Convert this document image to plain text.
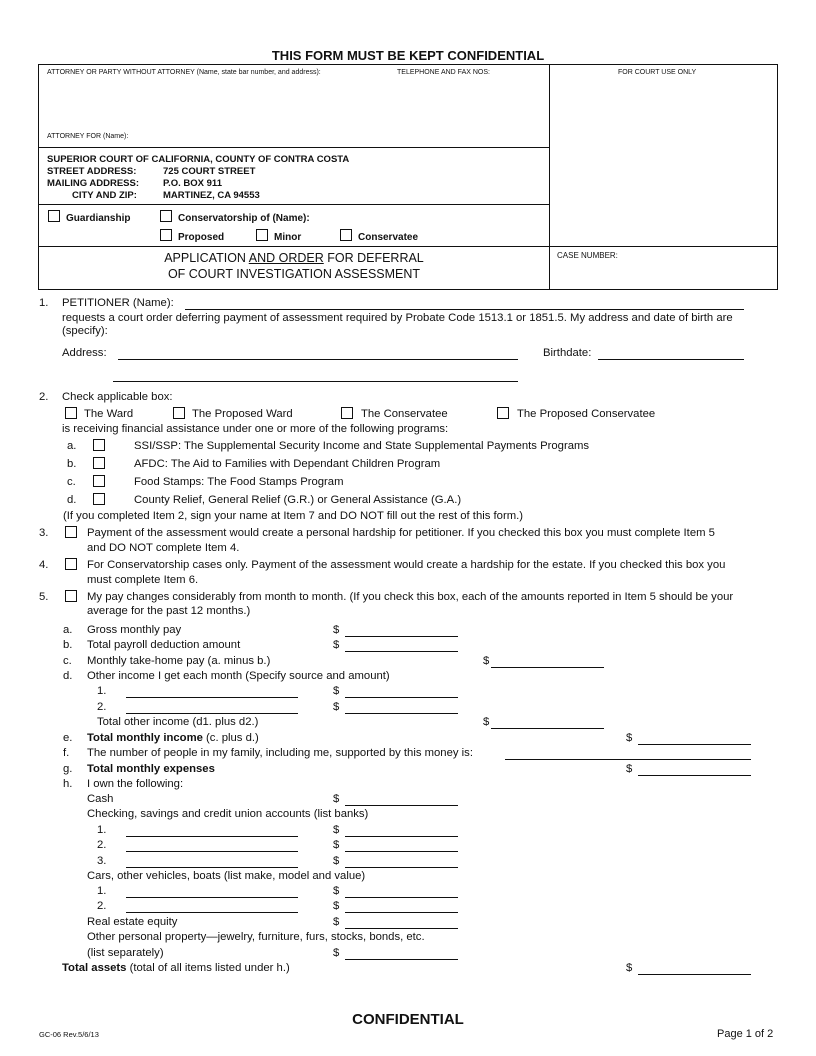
THIS FORM MUST BE KEPT CONFIDENTIAL
ATTORNEY OR PARTY WITHOUT ATTORNEY (Name, state bar number, and address):	TELEPHONE AND FAX NOS:	FOR COURT USE ONLY
ATTORNEY FOR (Name):
SUPERIOR COURT OF CALIFORNIA, COUNTY OF CONTRA COSTA
STREET ADDRESS:	725 COURT STREET
MAILING ADDRESS:	P.O. BOX 911
CITY AND ZIP:	MARTINEZ, CA 94553
Guardianship	Conservatorship of (Name):
Proposed	Minor	Conservatee
APPLICATION AND ORDER FOR DEFERRAL
OF COURT INVESTIGATION ASSESSMENT
CASE NUMBER:
1. PETITIONER (Name):
requests a court order deferring payment of assessment required by Probate Code 1513.1 or 1851.5. My address and date of birth are
(specify):
Address:	Birthdate:
2. Check applicable box:
The Ward	The Proposed Ward	The Conservatee	The Proposed Conservatee
is receiving financial assistance under one or more of the following programs:
a.	SSI/SSP: The Supplemental Security Income and State Supplemental Payments Programs
b.	AFDC: The Aid to Families with Dependant Children Program
c.	Food Stamps: The Food Stamps Program
d.	County Relief, General Relief (G.R.) or General Assistance (G.A.)
(If you completed Item 2, sign your name at Item 7 and DO NOT fill out the rest of this form.)
3.	Payment of the assessment would create a personal hardship for petitioner. If you checked this box you must complete Item 5
and DO NOT complete Item 4.
4.	For Conservatorship cases only. Payment of the assessment would create a hardship for the estate. If you checked this box you
must complete Item 6.
5.	My pay changes considerably from month to month. (If you check this box, each of the amounts reported in Item 5 should be your
average for the past 12 months.)
a. Gross monthly pay	$
b. Total payroll deduction amount	$
c. Monthly take-home pay (a. minus b.)	$
d. Other income I get each month (Specify source and amount)
1.	$
2.	$
Total other income (d1. plus d2.)	$
e. Total monthly income (c. plus d.)	$
f. The number of people in my family, including me, supported by this money is:
g. Total monthly expenses	$
h. I own the following:
Cash	$
Checking, savings and credit union accounts (list banks)
1.	$
2.	$
3.	$
Cars, other vehicles, boats (list make, model and value)
1.	$
2.	$
Real estate equity	$
Other personal property—jewelry, furniture, furs, stocks, bonds, etc.
(list separately)	$
Total assets (total of all items listed under h.)	$
CONFIDENTIAL
GC-06 Rev.5/6/13	Page 1 of 2
